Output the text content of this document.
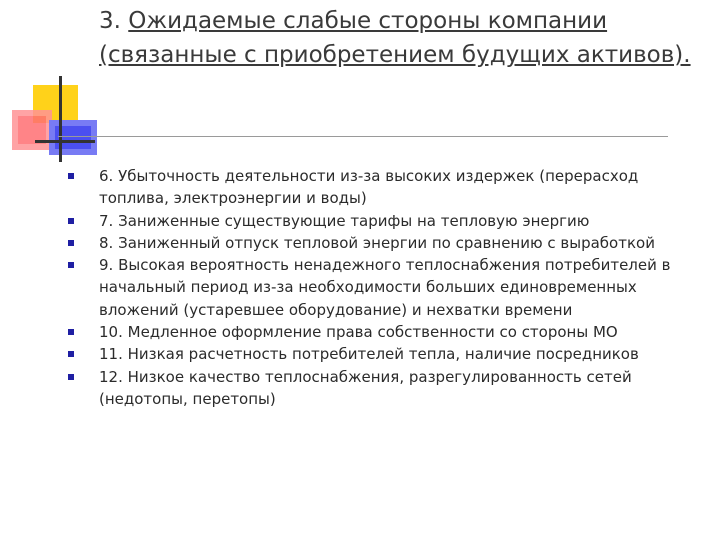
3. Ожидаемые слабые стороны компании (связанные с приобретением будущих активов).
6. Убыточность деятельности из-за высоких издержек (перерасход топлива, электроэнергии и воды)
7. Заниженные существующие тарифы на тепловую энергию
8. Заниженный отпуск тепловой энергии по сравнению с выработкой
9. Высокая вероятность ненадежного теплоснабжения потребителей в начальный период из-за необходимости больших единовременных вложений (устаревшее оборудование) и нехватки времени
10. Медленное оформление права собственности со стороны МО
11. Низкая расчетность потребителей тепла, наличие посредников
12. Низкое качество теплоснабжения, разрегулированность сетей (недотопы, перетопы)
